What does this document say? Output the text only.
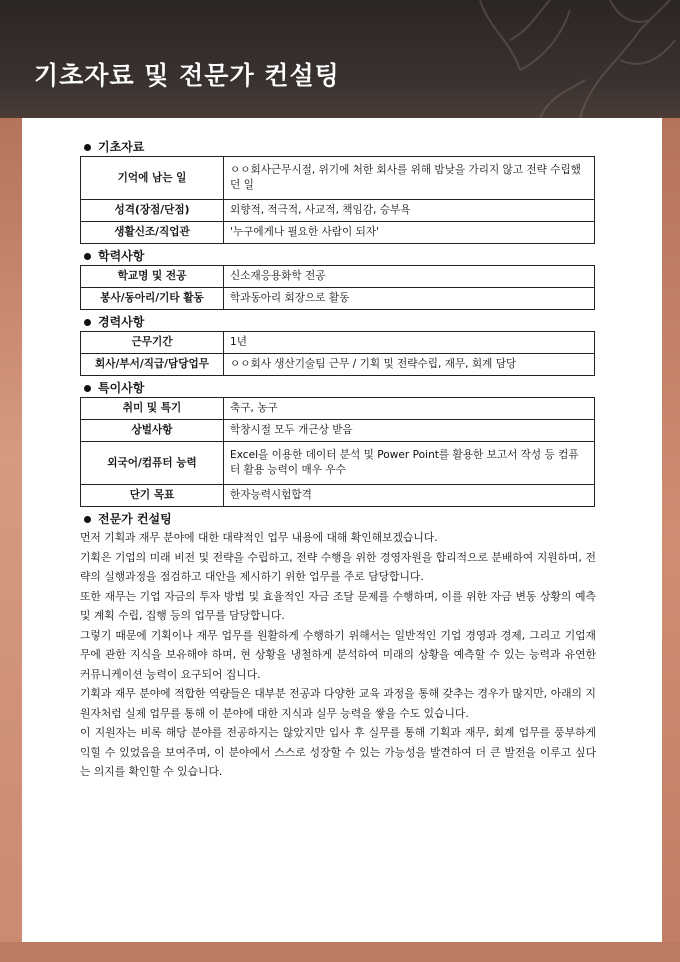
기초자료 및 전문가 컨설팅
기초자료
기억에 남는 일	ㅇㅇ회사근무시절, 위기에 처한 회사를 위해 밤낮을 가리지 않고 전략 수립했던 일
성격(장점/단점)	외향적, 적극적, 사교적, 책임감, 승부욕
생활신조/직업관	'누구에게나 필요한 사람이 되자'
학력사항
학교명 및 전공	신소재응용화학 전공
봉사/동아리/기타 활동	학과동아리 회장으로 활동
경력사항
근무기간	1년
회사/부서/직급/담당업무	ㅇㅇ회사 생산기술팀 근무 / 기획 및 전략수립, 재무, 회계 담당
특이사항
취미 및 특기	축구, 농구
상벌사항	학창시절 모두 개근상 받음
외국어/컴퓨터 능력	Excel을 이용한 데이터 분석 및 Power Point를 활용한 보고서 작성 등 컴퓨터 활용 능력이 매우 우수
단기 목표	한자능력시험합격
전문가 컨설팅

먼저 기획과 재무 분야에 대한 대략적인 업무 내용에 대해 확인해보겠습니다.

기획은 기업의 미래 비전 및 전략을 수립하고, 전략 수행을 위한 경영자원을 합리적으로 분배하여 지원하며, 전략의 실행과정을 점검하고 대안을 제시하기 위한 업무를 주로 담당합니다.

또한 재무는 기업 자금의 투자 방법 및 효율적인 자금 조달 문제를 수행하며, 이를 위한 자금 변동 상황의 예측 및 계획 수립, 집행 등의 업무를 담당합니다.

그렇기 때문에 기획이나 재무 업무를 원활하게 수행하기 위해서는 일반적인 기업 경영과 경제, 그리고 기업재무에 관한 지식을 보유해야 하며, 현 상황을 냉철하게 분석하여 미래의 상황을 예측할 수 있는 능력과 유연한 커뮤니케이션 능력이 요구되어 집니다.

기획과 재무 분야에 적합한 역량들은 대부분 전공과 다양한 교육 과정을 통해 갖추는 경우가 많지만, 아래의 지원자처럼 실제 업무를 통해 이 분야에 대한 지식과 실무 능력을 쌓을 수도 있습니다.

이 지원자는 비록 해당 분야를 전공하지는 않았지만 입사 후 실무를 통해 기획과 재무, 회계 업무를 풍부하게 익힐 수 있었음을 보여주며, 이 분야에서 스스로 성장할 수 있는 가능성을 발견하여 더 큰 발전을 이루고 싶다는 의지를 확인할 수 있습니다.
